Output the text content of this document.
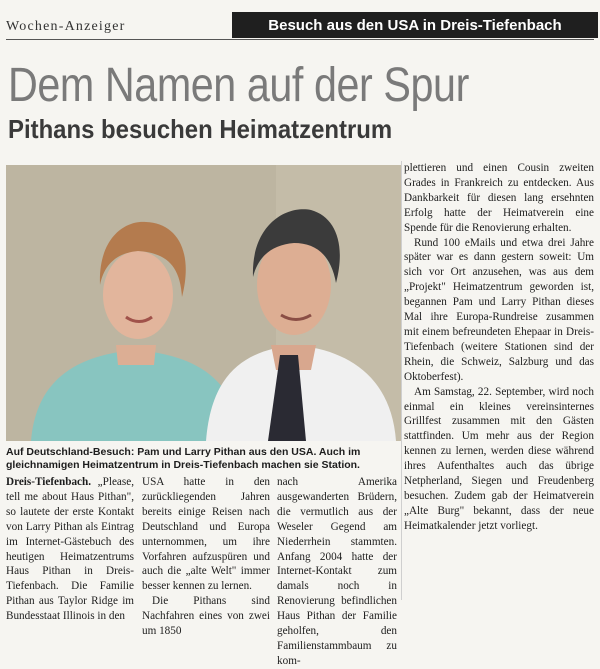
Wochen-Anzeiger	Besuch aus den USA in Dreis-Tiefenbach
Dem Namen auf der Spur
Pithans besuchen Heimatzentrum

Auf Deutschland-Besuch: Pam und Larry Pithan aus den USA. Auch im gleichnamigen Heimatzentrum in Dreis-Tiefenbach machen sie Station.

Dreis-Tiefenbach. „Please, tell me about Haus Pithan", so lautete der erste Kontakt von Larry Pithan als Eintrag im Internet-Gästebuch des heutigen Heimatzentrums Haus Pithan in Dreis-Tiefenbach. Die Familie Pithan aus Taylor Ridge im Bundesstaat Illinois in den

USA hatte in den zurückliegenden Jahren bereits einige Reisen nach Deutschland und Europa unternommen, um ihre Vorfahren aufzuspüren und auch die „alte Welt" immer besser kennen zu lernen.

Die Pithans sind Nachfahren eines von zwei um 1850

nach Amerika ausgewanderten Brüdern, die vermutlich aus der Weseler Gegend am Niederrhein stammten. Anfang 2004 hatte der Internet-Kontakt zum damals noch in Renovierung befindlichen Haus Pithan der Familie geholfen, den Familienstammbaum zu kom-

plettieren und einen Cousin zweiten Grades in Frankreich zu entdecken. Aus Dankbarkeit für diesen lang ersehnten Erfolg hatte der Heimatverein eine Spende für die Renovierung erhalten.

Rund 100 eMails und etwa drei Jahre später war es dann gestern soweit: Um sich vor Ort anzusehen, was aus dem „Projekt" Heimatzentrum geworden ist, begannen Pam und Larry Pithan dieses Mal ihre Europa-Rundreise zusammen mit einem befreundeten Ehepaar in Dreis-Tiefenbach (weitere Stationen sind der Rhein, die Schweiz, Salzburg und das Oktoberfest).

Am Samstag, 22. September, wird noch einmal ein kleines vereinsinternes Grillfest zusammen mit den Gästen stattfinden. Um mehr aus der Region kennen zu lernen, werden diese während ihres Aufenthaltes auch das übrige Netpherland, Siegen und Freudenberg besuchen. Zudem gab der Heimatverein „Alte Burg" bekannt, dass der neue Heimatkalender jetzt vorliegt.
